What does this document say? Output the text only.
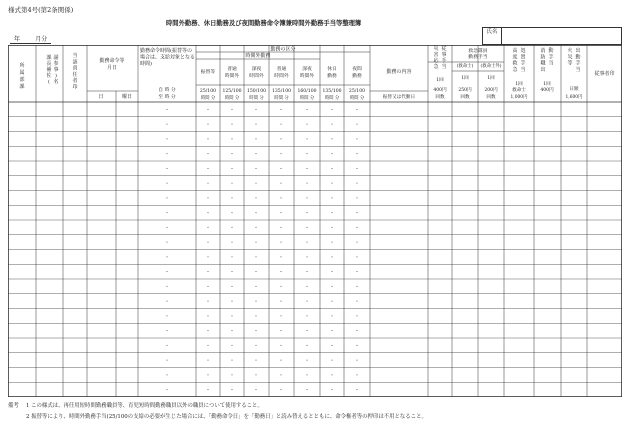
様式第4号(第2条関係)
時間外勤務、休日勤務及び夜間勤務命令簿兼時間外勤務手当等整理簿
年	月分
氏名
所
属
部
課
課
長
補
佐
(
副
参
事
)
名
当
該
責
任
者
印
勤務命令等
月日
日	曜日
勤務命令時間(振替等の
場合は、支給対象となる
時間)
自 時 分
至 時 分
勤務の区分
時間外勤務
振替等
25/100
時間 分
普通
時間外
125/100
時間 分
深夜
時間外
150/100
時間 分
普通
時間外
135/100
時間 分
深夜
時間外
160/100
時間 分
休日
勤務
135/100
時間 分
夜間
勤務
25/100
時間 分
勤務の内容
振替又は代勤日
災
害
応
急
従
事
手
当
1回
400円
回数
救急隊員
勤務手当
(救命士) (救命士外)
1回
250円
回数
1回
200円
回数
高
度
救
急
処
置
手
当
1回
救命士
1,000円
消
防
職
出
動
手
当
1回
400円
火
災
等
出
動
手
当
日額
1,600円
従事者印
備考 1 この様式は、再任用短時間勤務職員等、育児短時間勤務職員以外の職員について使用すること。
2 振替等により、時間外勤務手当(25/100の支給の必要が生じた場合には、「勤務命令日」を「勤務日」と読み替えるとともに、命令権者等の押印は不用となること。
